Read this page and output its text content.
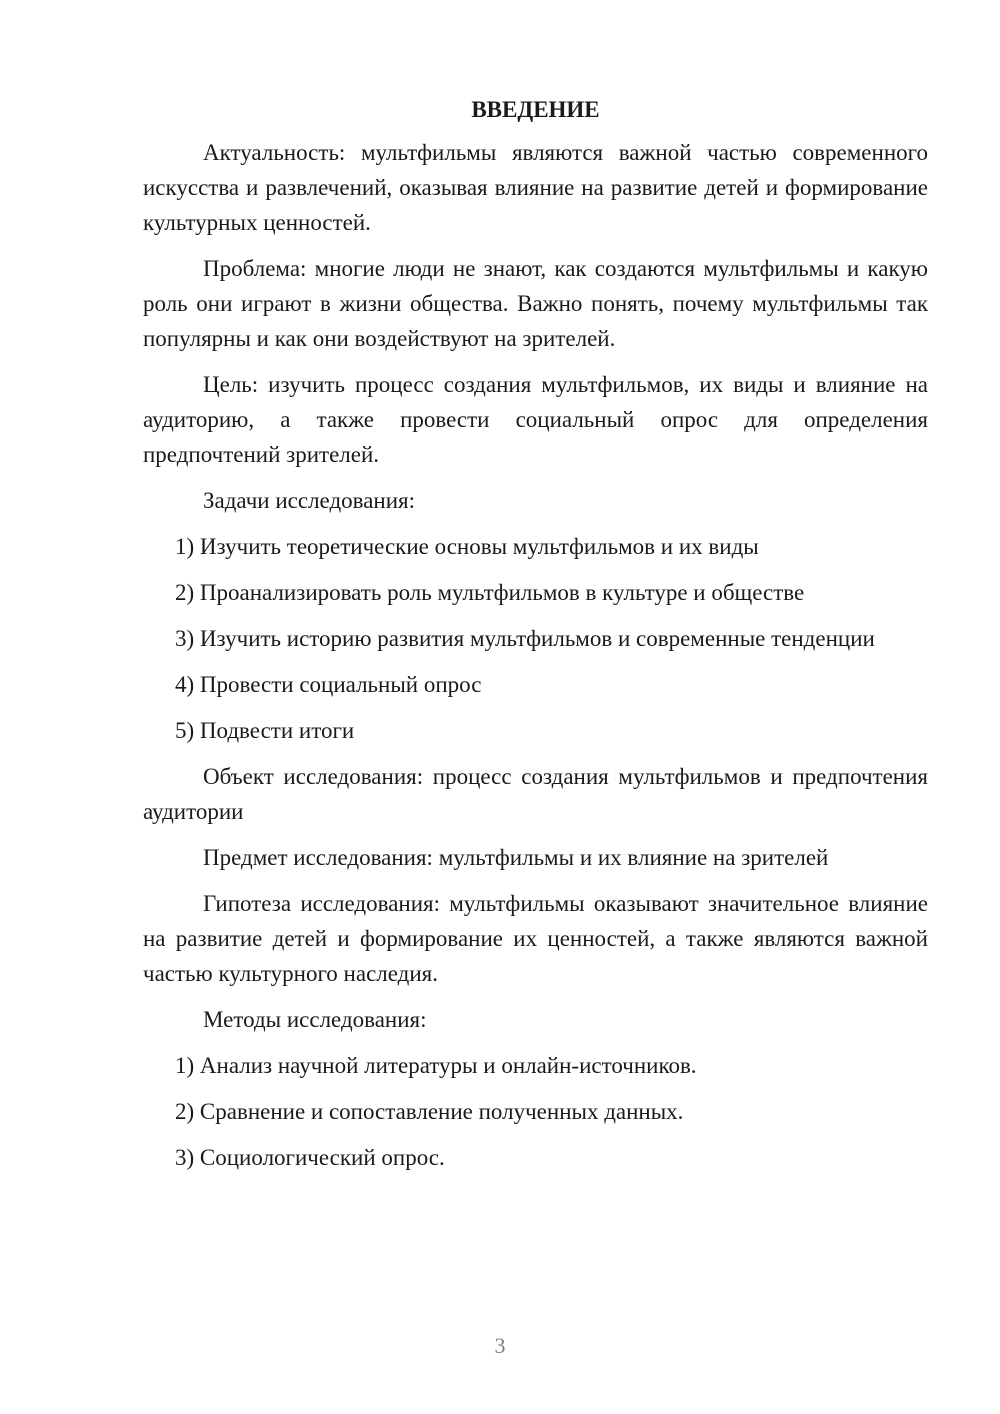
ВВЕДЕНИЕ

Актуальность: мультфильмы являются важной частью современного искусства и развлечений, оказывая влияние на развитие детей и формирование культурных ценностей.

Проблема: многие люди не знают, как создаются мультфильмы и какую роль они играют в жизни общества. Важно понять, почему мультфильмы так популярны и как они воздействуют на зрителей.

Цель: изучить процесс создания мультфильмов, их виды и влияние на аудиторию, а также провести социальный опрос для определения предпочтений зрителей.

Задачи исследования:

1) Изучить теоретические основы мультфильмов и их виды

2) Проанализировать роль мультфильмов в культуре и обществе

3) Изучить историю развития мультфильмов и современные тенденции

4) Провести социальный опрос

5) Подвести итоги

Объект исследования: процесс создания мультфильмов и предпочтения аудитории

Предмет исследования: мультфильмы и их влияние на зрителей

Гипотеза исследования: мультфильмы оказывают значительное влияние на развитие детей и формирование их ценностей, а также являются важной частью культурного наследия.

Методы исследования:

1) Анализ научной литературы и онлайн-источников.

2) Сравнение и сопоставление полученных данных.

3) Социологический опрос.

3
